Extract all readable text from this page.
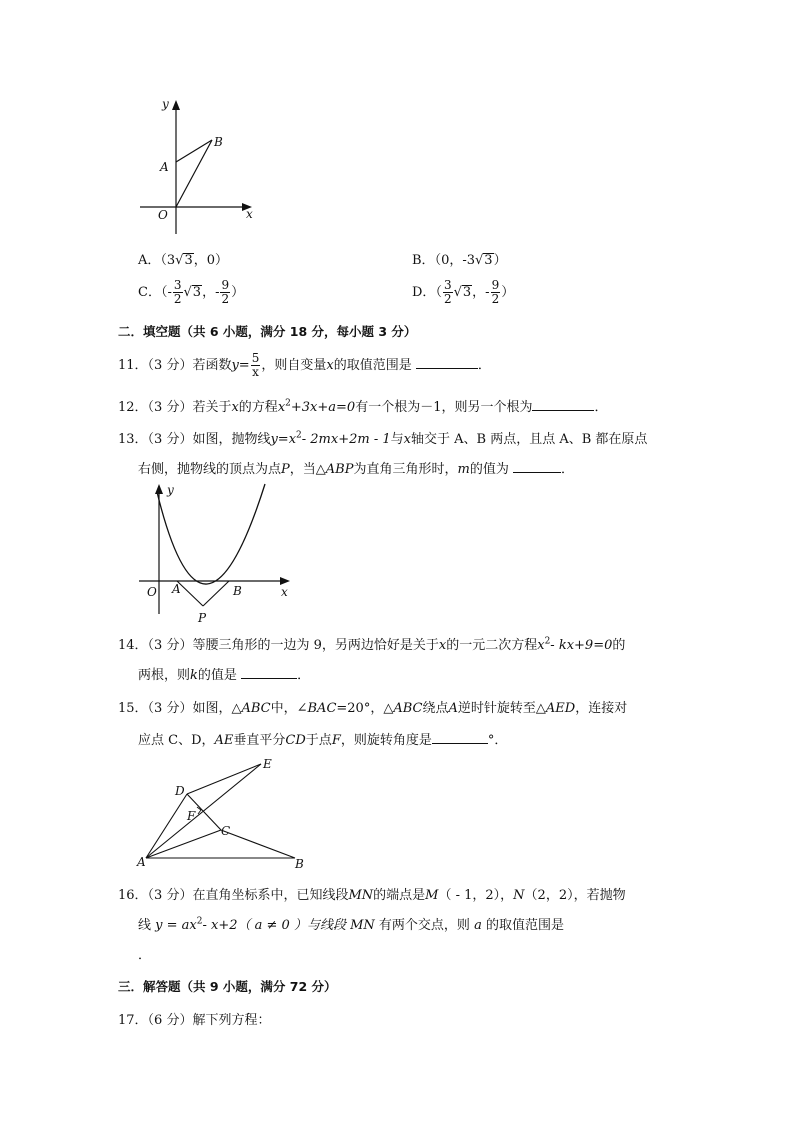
y
x
A
B
O
A．（3√3，0）	B．（0，-3√3）
C．（- $\frac{3}{2} √3$，- $\frac{9}{2}$ ）	D．（ $\frac{3}{2} √3$，- $\frac{9}{2}$ ）
二．填空题（共 6 小题，满分 18 分，每小题 3 分）
11．（3 分）若函数$y= \frac{5}{x}$ ，则自变量x的取值范围是	．
12．（3 分）若关于x的方程$x^2+3x+a=0$有一个根为－1，则另一个根为	．
13．（3 分）如图，抛物线$y=x^2-$ 2mx+2m - 1与x轴交于 A、B 两点，且点 A、B 都在原点
右侧，抛物线的顶点为点P，当△ABP为直角三角形时，m的值为	．
y
x
O A	B
P
14．（3 分）等腰三角形的一边为 9，另两边恰好是关于x的一元二次方程$x^2-$ kx+9=0的
两根，则k的值是	．
15．（3 分）如图，△ABC中，∠BAC=20°，△ABC绕点A逆时针旋转至△AED，连接对
应点 C、D，AE垂直平分CD于点F，则旋转角度是	°．
A	B
C
D
E
F
16．（3 分）在直角坐标系中，已知线段MN的端点是M（ - 1，2），N（2，2），若抛物
线 $y = ax^2-$ x+2（ a ≠ 0 ）与线段 MN 有两个交点，则 a 的取值范围是
．
三．解答题（共 9 小题，满分 72 分）
17．（6 分）解下列方程：
